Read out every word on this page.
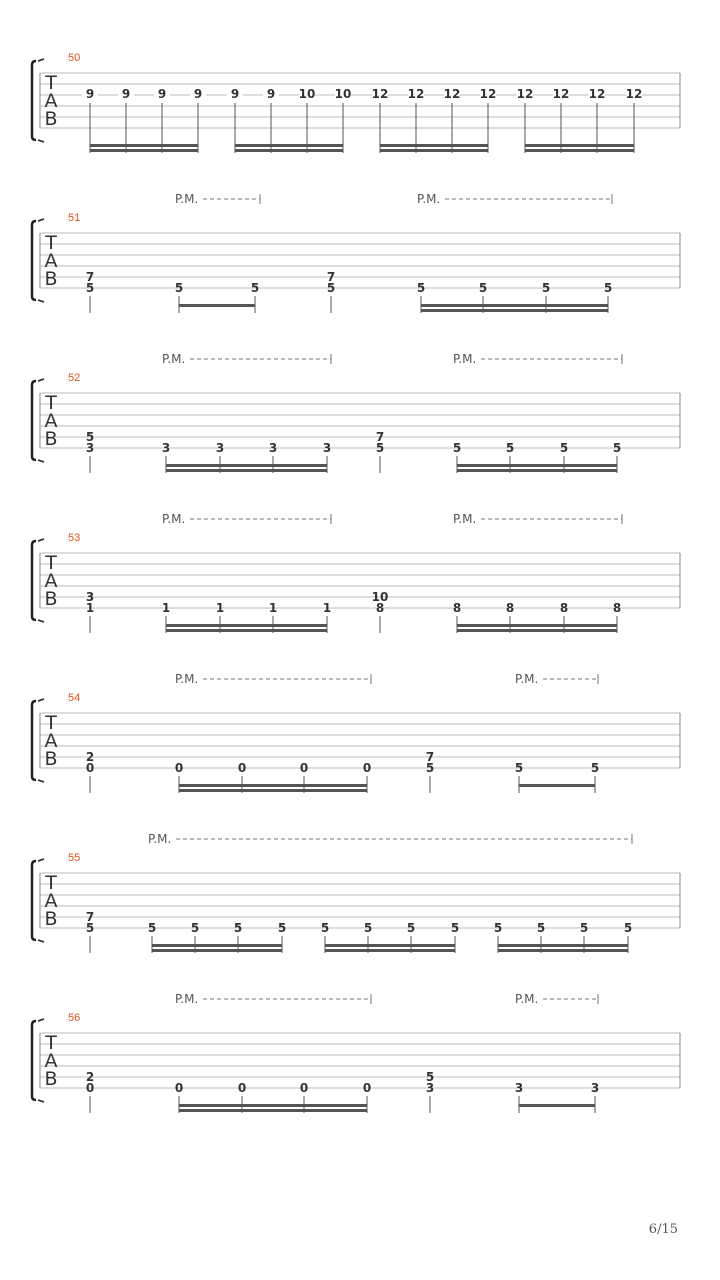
T
A
B
50
9 9 9 9 9 9 10 10 12 12 12 12 12 12 12 12
T
A
B
51
5
7
5	5	5
7
5	5	5	5
P.M.	P.M.
T
A
B
52
3
5
3	3	3	3	5
7
5	5	5	5
P.M.	P.M.
T
A
B
53
1
3
1	1	1	1	8
10
8	8	8	8
P.M.	P.M.
T
A
B
54
0
2
0	0	0	0	5
7
5	5
P.M.	P.M.
T
A
B
55
5
7
5	5	5	5	5	5	5	5	5	5	5	5
P.M.
T
A
B
56
0
2
0	0	0	0	3
5
3	3
P.M.	P.M.
6/15
